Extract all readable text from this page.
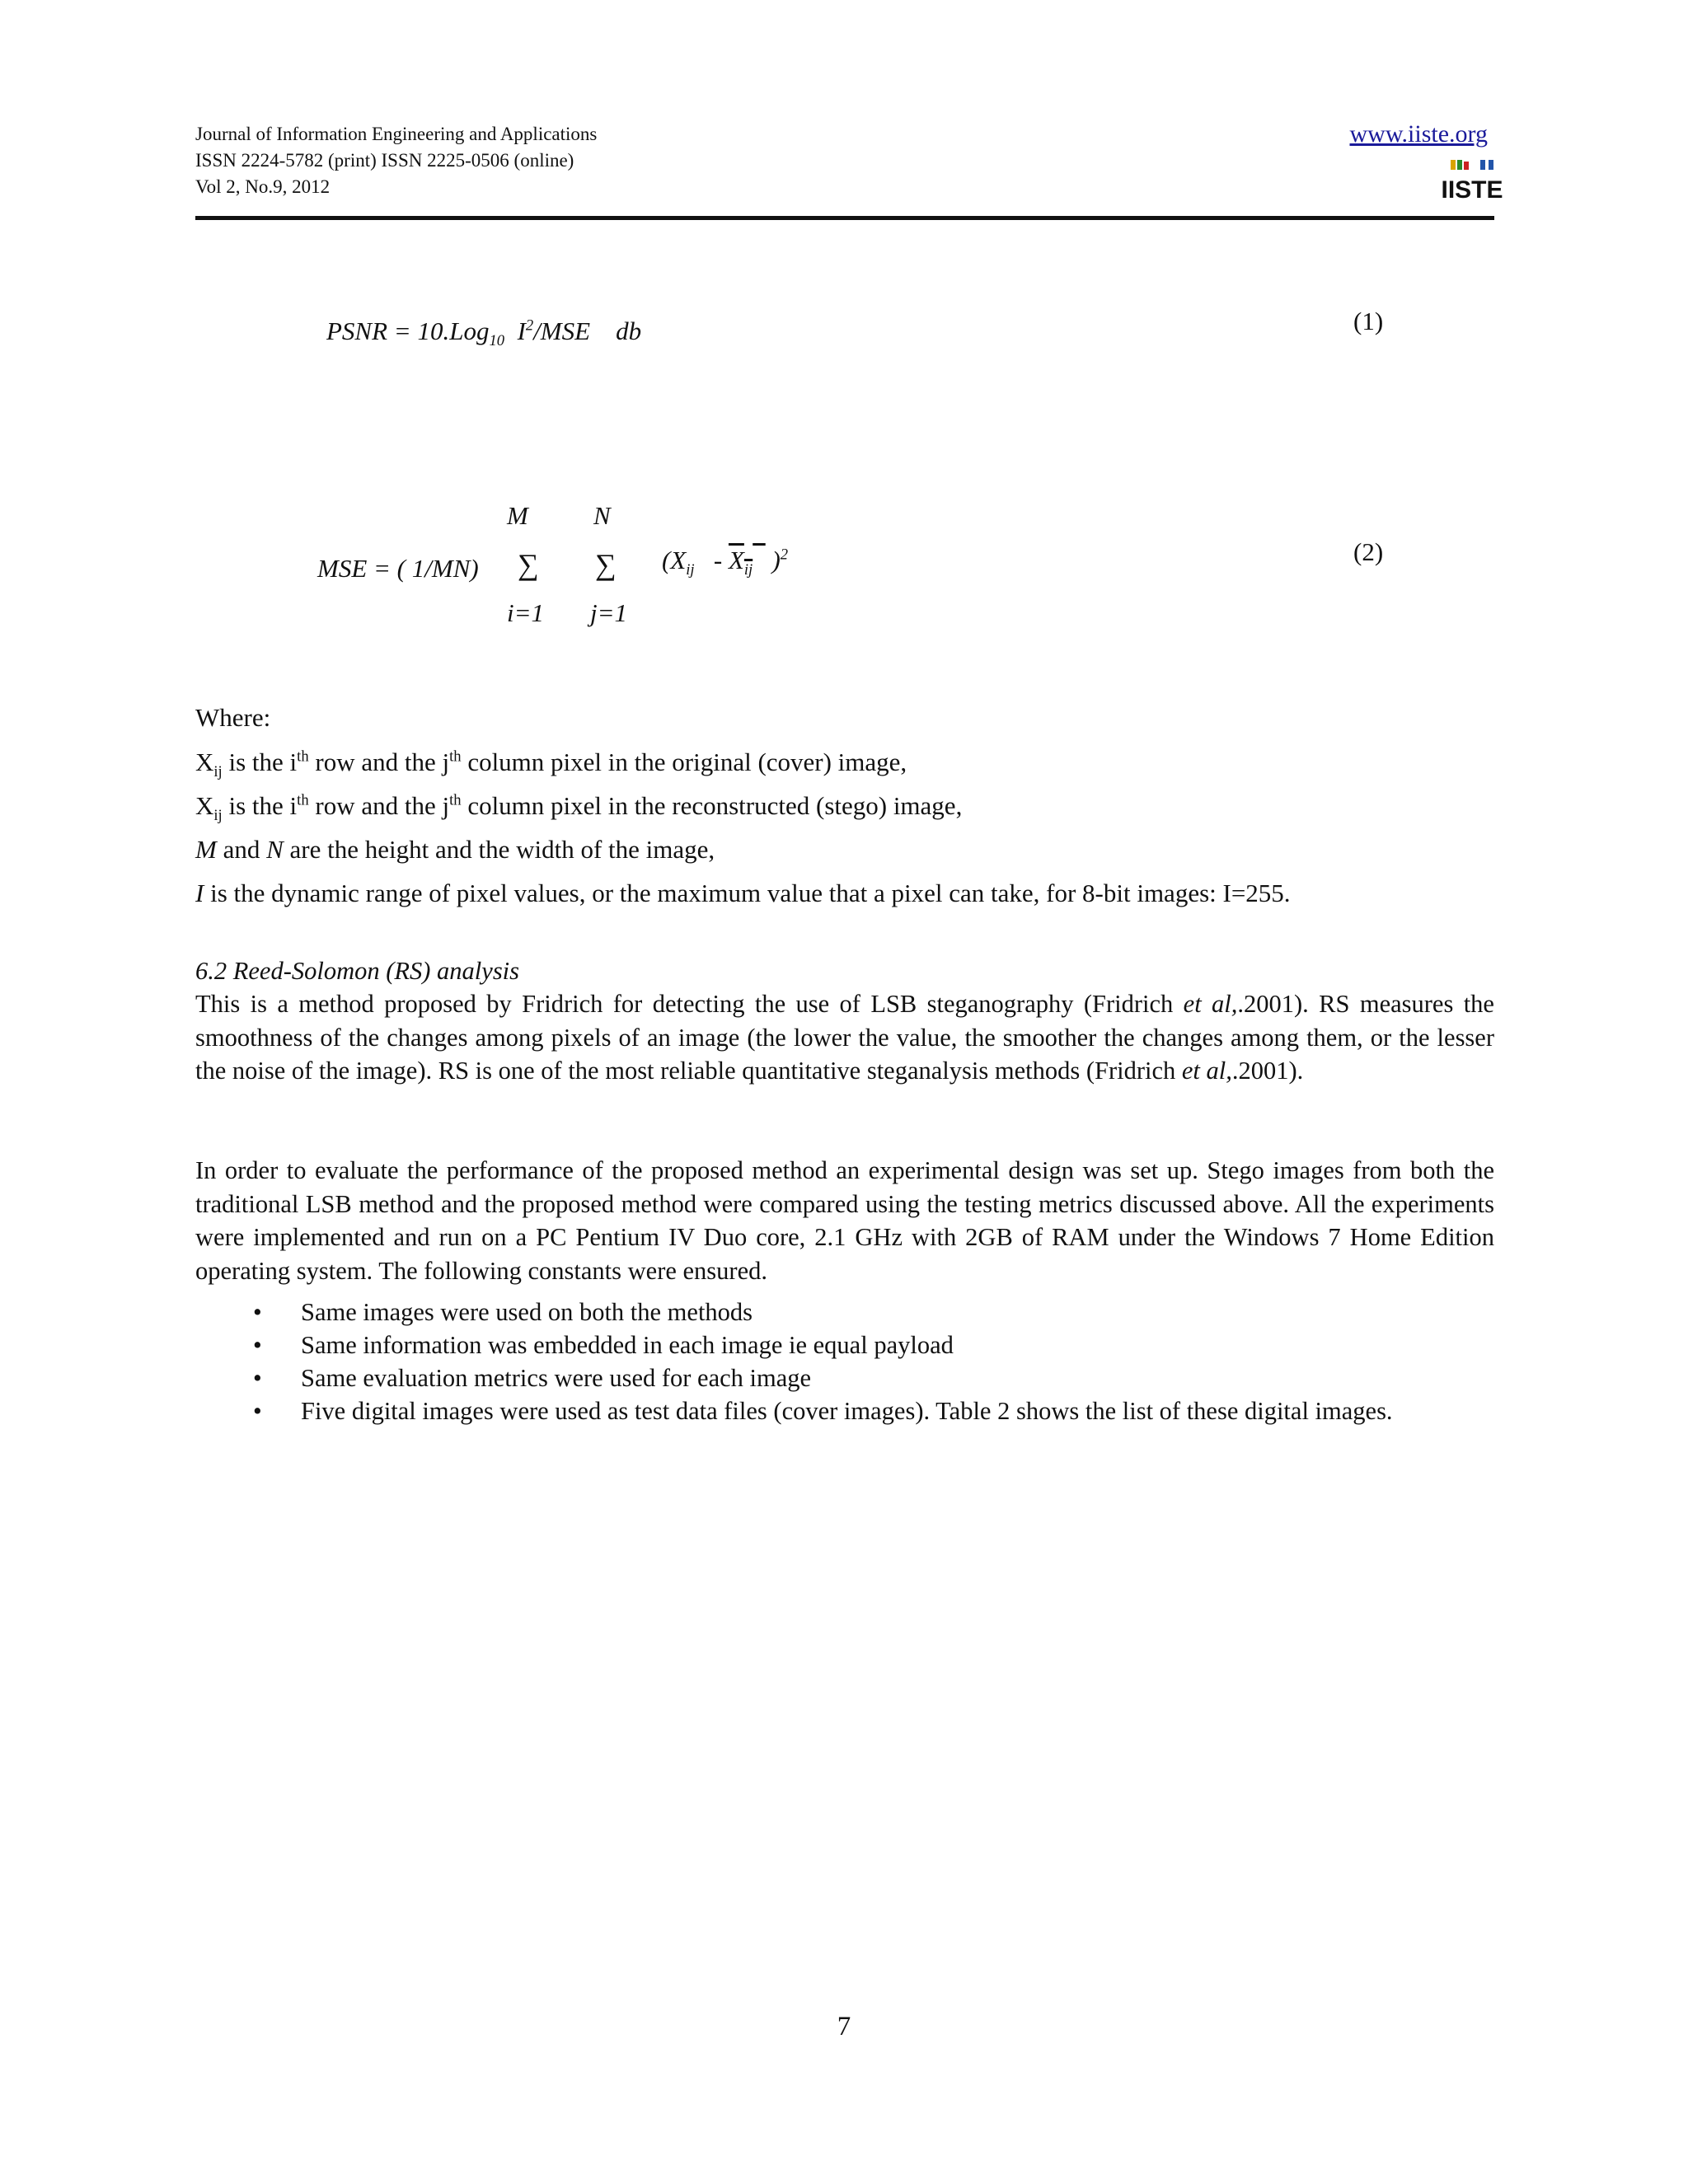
Journal of Information Engineering and Applications
ISSN 2224-5782 (print) ISSN 2225-0506 (online)
Vol 2, No.9, 2012
www.iiste.org
IISTE
PSNR = 10.Log$_{10}$ $I^2$/MSE db	(1)
M	N
MSE = ( 1/MN) ∑ ∑ ($X_{ij} - X_{ij}$ )$^2$
i=1 j=1
(2)
Where:
$X_{ij}$ is the $i^{th}$ row and the $j^{th}$ column pixel in the original (cover) image,
$X_{ij}$ is the $i^{th}$ row and the $j^{th}$ column pixel in the reconstructed (stego) image,
M and N are the height and the width of the image,
I is the dynamic range of pixel values, or the maximum value that a pixel can take, for 8-bit images: I=255.
6.2 Reed-Solomon (RS) analysis
This is a method proposed by Fridrich for detecting the use of LSB steganography (Fridrich et al,.2001). RS measures the smoothness of the changes among pixels of an image (the lower the value, the smoother the changes among them, or the lesser the noise of the image). RS is one of the most reliable quantitative steganalysis methods (Fridrich et al,.2001).
In order to evaluate the performance of the proposed method an experimental design was set up. Stego images from both the traditional LSB method and the proposed method were compared using the testing metrics discussed above. All the experiments were implemented and run on a PC Pentium IV Duo core, 2.1 GHz with 2GB of RAM under the Windows 7 Home Edition operating system. The following constants were ensured.
• Same images were used on both the methods
• Same information was embedded in each image ie equal payload
• Same evaluation metrics were used for each image
• Five digital images were used as test data files (cover images). Table 2 shows the list of these digital images.
7
